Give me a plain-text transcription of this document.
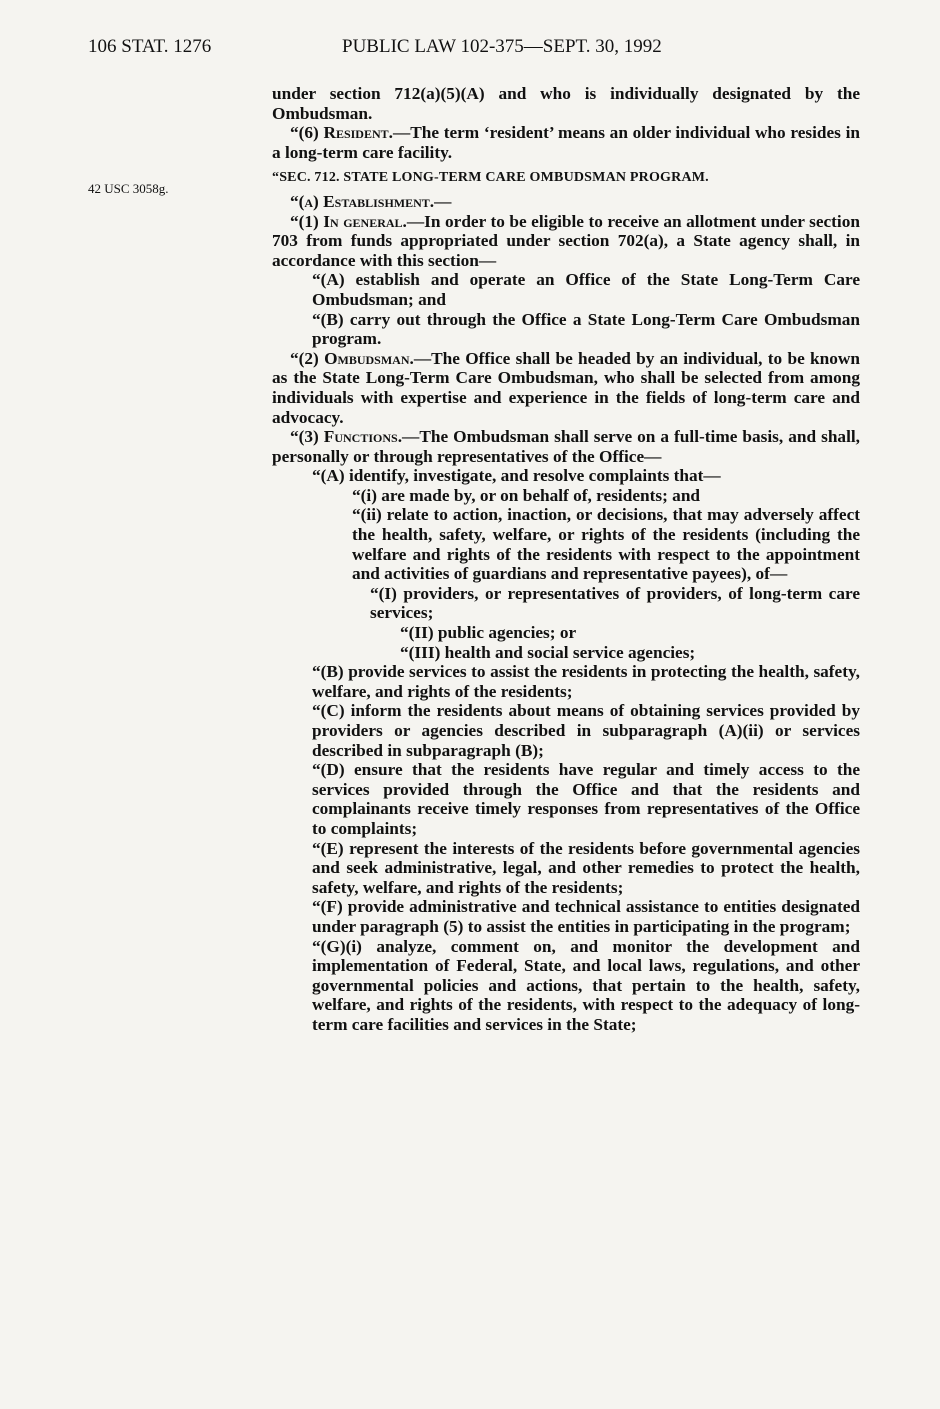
106 STAT. 1276	PUBLIC LAW 102-375—SEPT. 30, 1992
42 USC 3058g.

under section 712(a)(5)(A) and who is individually designated by the Ombudsman.

“(6) Resident.—The term ‘resident’ means an older individual who resides in a long-term care facility.

“SEC. 712. STATE LONG-TERM CARE OMBUDSMAN PROGRAM.

“(a) Establishment.—

“(1) In general.—In order to be eligible to receive an allotment under section 703 from funds appropriated under section 702(a), a State agency shall, in accordance with this section—

“(A) establish and operate an Office of the State Long-Term Care Ombudsman; and

“(B) carry out through the Office a State Long-Term Care Ombudsman program.

“(2) Ombudsman.—The Office shall be headed by an individual, to be known as the State Long-Term Care Ombudsman, who shall be selected from among individuals with expertise and experience in the fields of long-term care and advocacy.

“(3) Functions.—The Ombudsman shall serve on a full-time basis, and shall, personally or through representatives of the Office—

“(A) identify, investigate, and resolve complaints that—

“(i) are made by, or on behalf of, residents; and

“(ii) relate to action, inaction, or decisions, that may adversely affect the health, safety, welfare, or rights of the residents (including the welfare and rights of the residents with respect to the appointment and activities of guardians and representative payees), of—

“(I) providers, or representatives of providers, of long-term care services;

“(II) public agencies; or

“(III) health and social service agencies;

“(B) provide services to assist the residents in protecting the health, safety, welfare, and rights of the residents;

“(C) inform the residents about means of obtaining services provided by providers or agencies described in subparagraph (A)(ii) or services described in subparagraph (B);

“(D) ensure that the residents have regular and timely access to the services provided through the Office and that the residents and complainants receive timely responses from representatives of the Office to complaints;

“(E) represent the interests of the residents before governmental agencies and seek administrative, legal, and other remedies to protect the health, safety, welfare, and rights of the residents;

“(F) provide administrative and technical assistance to entities designated under paragraph (5) to assist the entities in participating in the program;

“(G)(i) analyze, comment on, and monitor the development and implementation of Federal, State, and local laws, regulations, and other governmental policies and actions, that pertain to the health, safety, welfare, and rights of the residents, with respect to the adequacy of long-term care facilities and services in the State;
